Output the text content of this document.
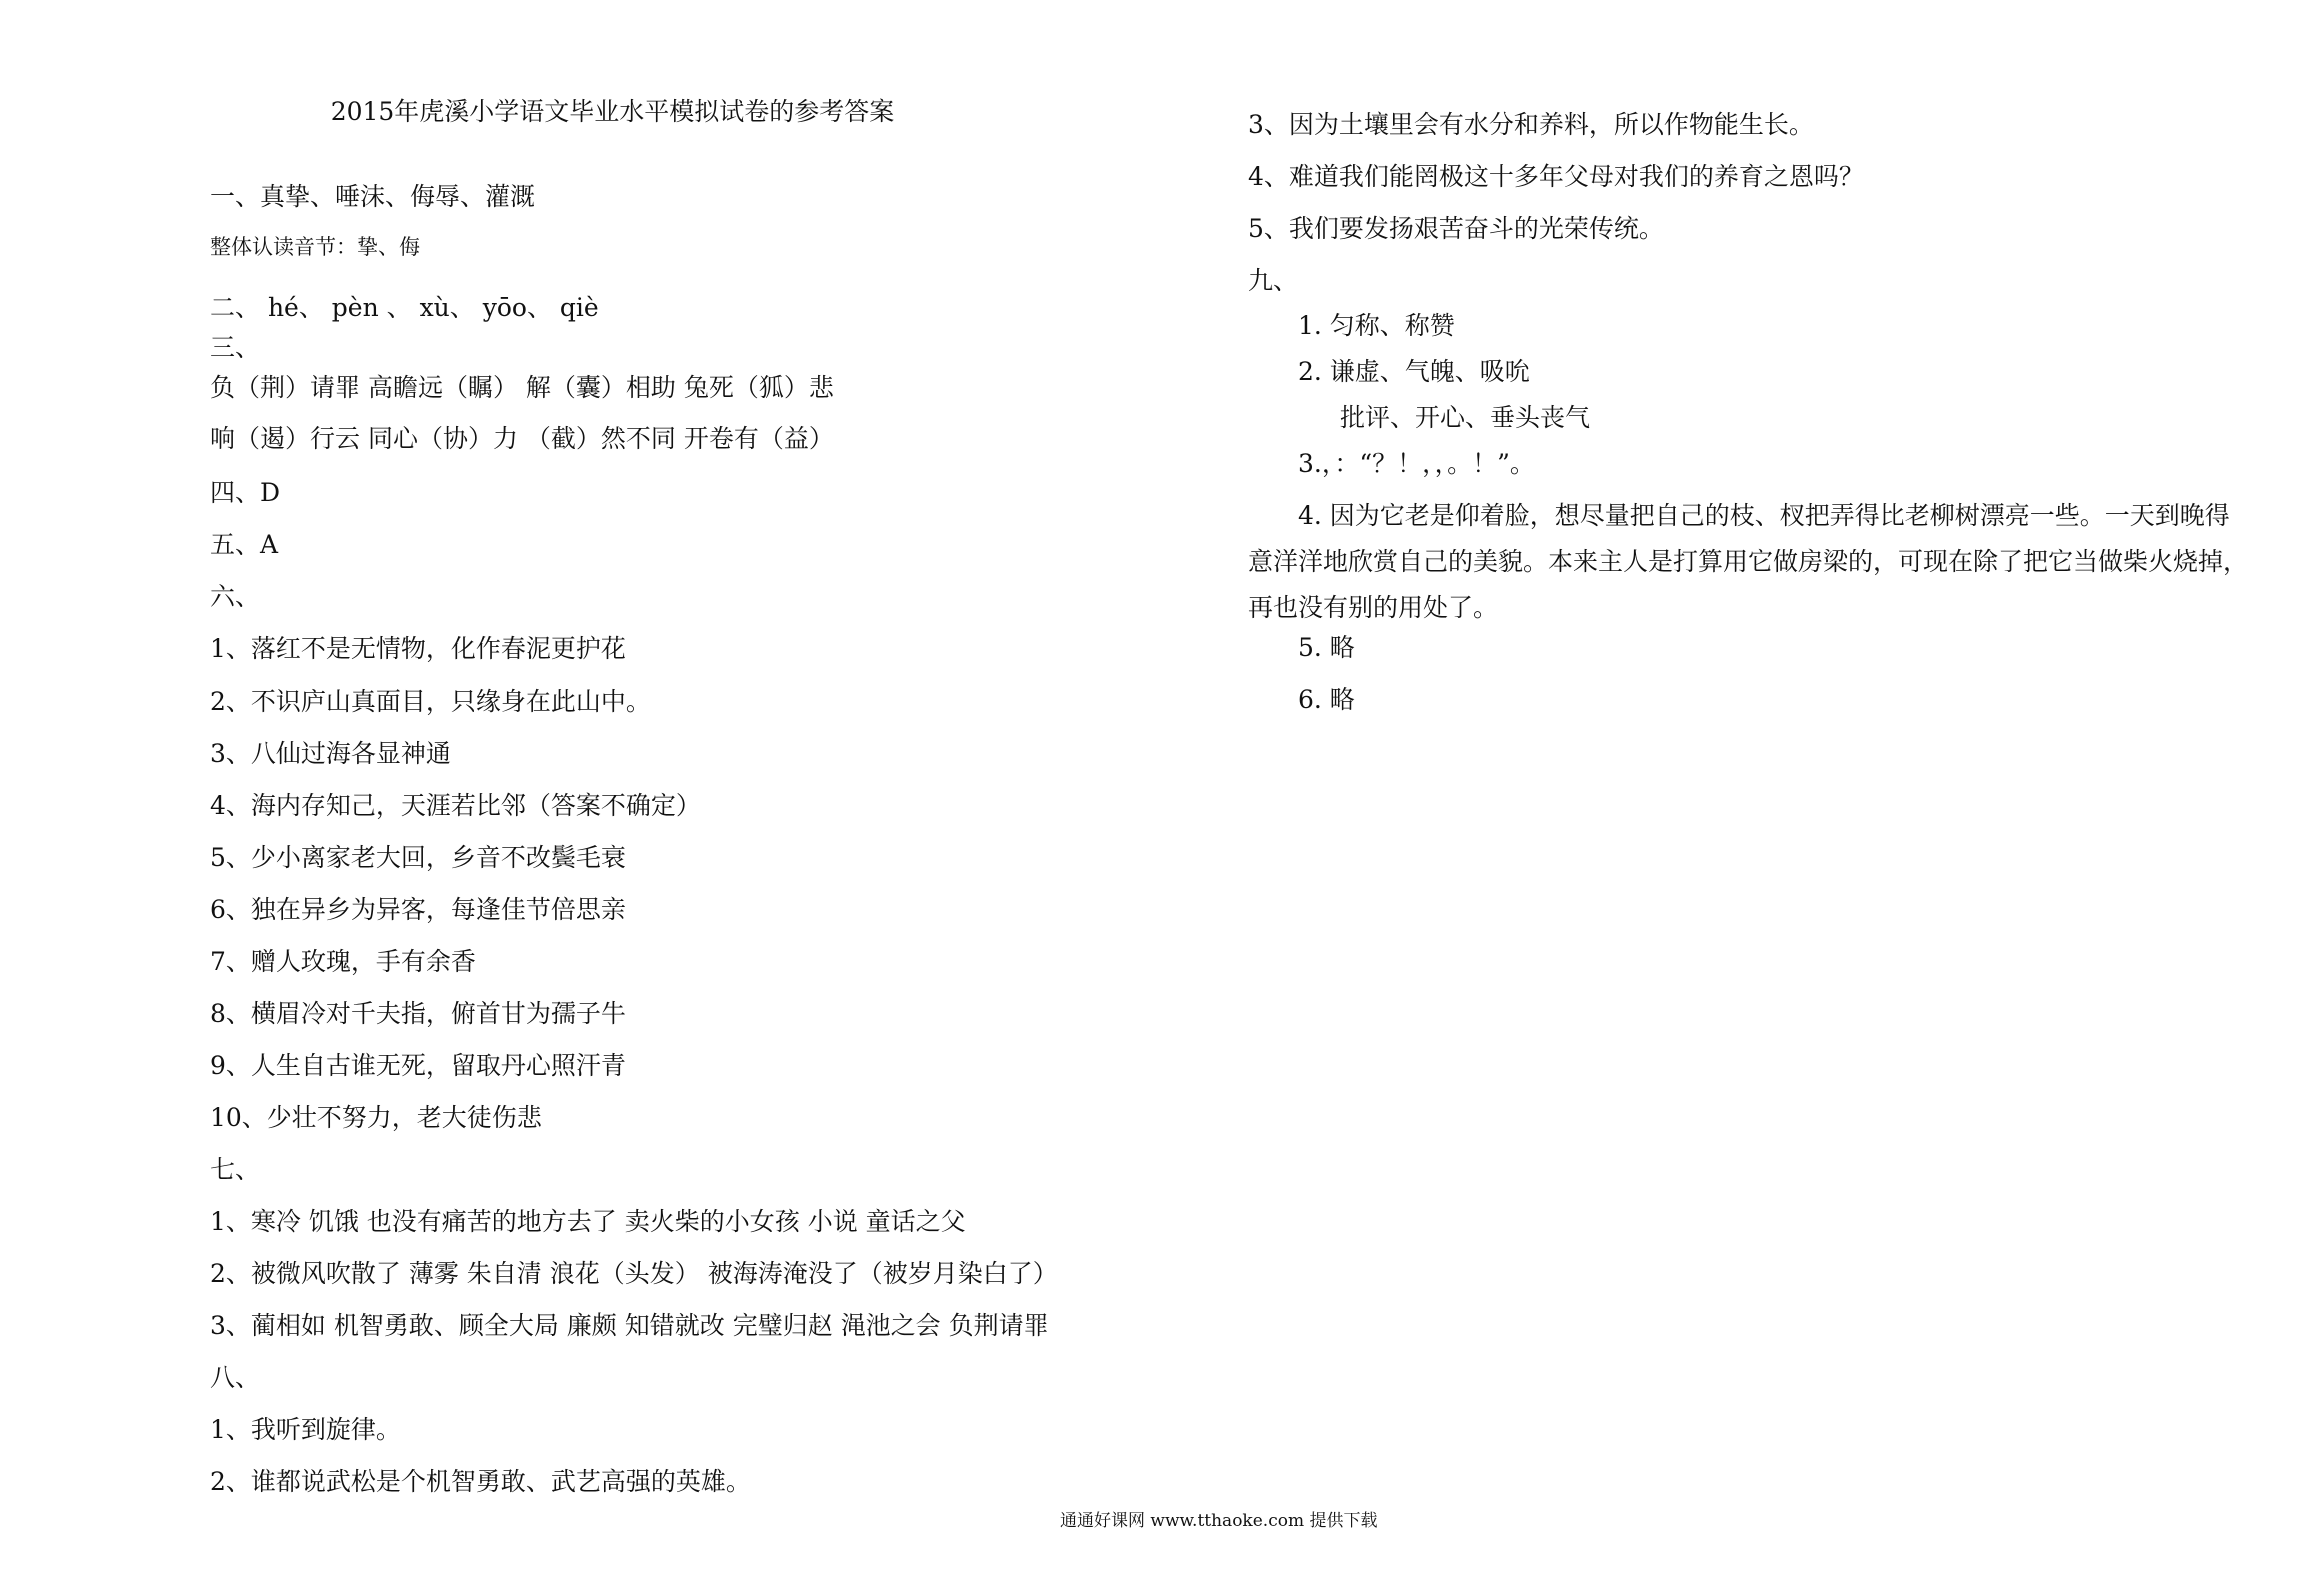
2015年虎溪小学语文毕业水平模拟试卷的参考答案
一、真挚、唾沫、侮辱、灌溉
整体认读音节：挚、侮
二、 hé、 pèn 、 xù、 yōo、 qiè
三、
负（荆）请罪 高瞻远（瞩） 解（囊）相助 兔死（狐）悲
响（遏）行云 同心（协）力 （截）然不同 开卷有（益）
四、D
五、A
六、
1、落红不是无情物，化作春泥更护花
2、不识庐山真面目，只缘身在此山中。
3、八仙过海各显神通
4、海内存知己，天涯若比邻（答案不确定）
5、少小离家老大回，乡音不改鬓毛衰
6、独在异乡为异客，每逢佳节倍思亲
7、赠人玫瑰，手有余香
8、横眉冷对千夫指，俯首甘为孺子牛
9、人生自古谁无死，留取丹心照汗青
10、少壮不努力，老大徒伤悲
七、
1、寒冷 饥饿 也没有痛苦的地方去了 卖火柴的小女孩 小说 童话之父
2、被微风吹散了 薄雾 朱自清 浪花（头发） 被海涛淹没了（被岁月染白了）
3、蔺相如 机智勇敢、顾全大局 廉颇 知错就改 完璧归赵 渑池之会 负荆请罪
八、
1、我听到旋律。
2、谁都说武松是个机智勇敢、武艺高强的英雄。
3、因为土壤里会有水分和养料，所以作物能生长。
4、难道我们能罔极这十多年父母对我们的养育之恩吗？
5、我们要发扬艰苦奋斗的光荣传统。
九、
1. 匀称、称赞
2. 谦虚、气魄、吸吮
批评、开心、垂头丧气
3.，：“？！，，。！”。
4. 因为它老是仰着脸，想尽量把自己的枝、杈把弄得比老柳树漂亮一些。一天到晚得意洋洋地欣赏自己的美貌。本来主人是打算用它做房梁的，可现在除了把它当做柴火烧掉，再也没有别的用处了。
5. 略
6. 略
通通好课网 www.tthaoke.com 提供下载
